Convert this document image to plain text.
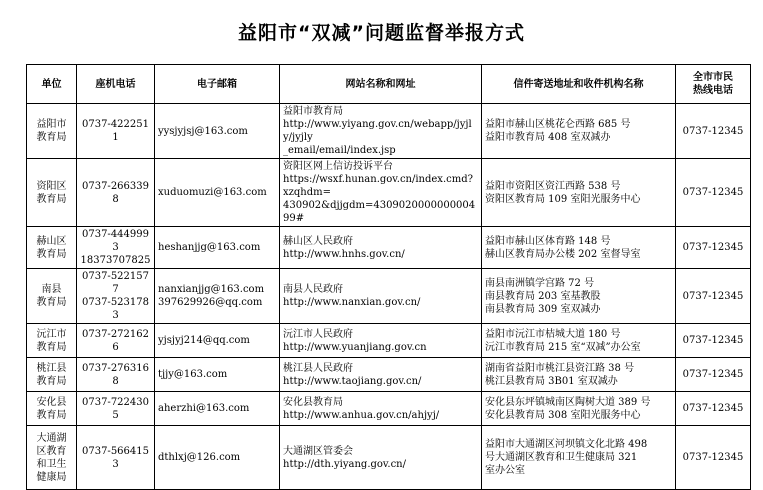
益阳市“双减”问题监督举报方式
单位	座机电话	电子邮箱	网站名称和网址	信件寄送地址和收件机构名称	全市市民
热线电话

益阳市
教育局	0737-4222511	yysjyjsj@163.com	益阳市教育局
http://www.yiyang.gov.cn/webapp/jyjly/jyjly
_email/email/index.jsp	益阳市赫山区桃花仑西路 685 号
益阳市教育局 408 室双减办	0737-12345

资阳区
教育局	0737-2663398	xuduomuzi@163.com	资阳区网上信访投诉平台
https://wsxf.hunan.gov.cn/index.cmd?xzqhdm=
430902&djjgdm=430902000000000499#	益阳市资阳区资江西路 538 号
资阳区教育局 109 室阳光服务中心	0737-12345

赫山区
教育局	0737-4449993
18373707825	heshanjjg@163.com	赫山区人民政府
http://www.hnhs.gov.cn/	益阳市赫山区体育路 148 号
赫山区教育局办公楼 202 室督导室	0737-12345

南县
教育局	0737-5221577
0737-5231783	nanxianjjg@163.com
397629926@qq.com	南县人民政府
http://www.nanxian.gov.cn/	南县南洲镇学宫路 72 号
南县教育局 203 室基教股
南县教育局 309 室双减办	0737-12345

沅江市
教育局	0737-2721626	yjsjyj214@qq.com	沅江市人民政府
http://www.yuanjiang.gov.cn	益阳市沅江市桔城大道 180 号
沅江市教育局 215 室“双减”办公室	0737-12345

桃江县
教育局	0737-2763168	tjjy@163.com	桃江县人民政府
http://www.taojiang.gov.cn/	湖南省益阳市桃江县资江路 38 号
桃江县教育局 3B01 室双减办	0737-12345

安化县
教育局	0737-7224305	aherzhi@163.com	安化县教育局
http://www.anhua.gov.cn/ahjyj/	安化县东坪镇城南区陶树大道 389 号
安化县教育局 308 室阳光服务中心	0737-12345

大通湖
区教育
和卫生
健康局	0737-5664153	dthlxj@126.com	大通湖区管委会
http://dth.yiyang.gov.cn/	益阳市大通湖区河坝镇文化北路 498
号大通湖区教育和卫生健康局 321
室办公室	0737-12345
